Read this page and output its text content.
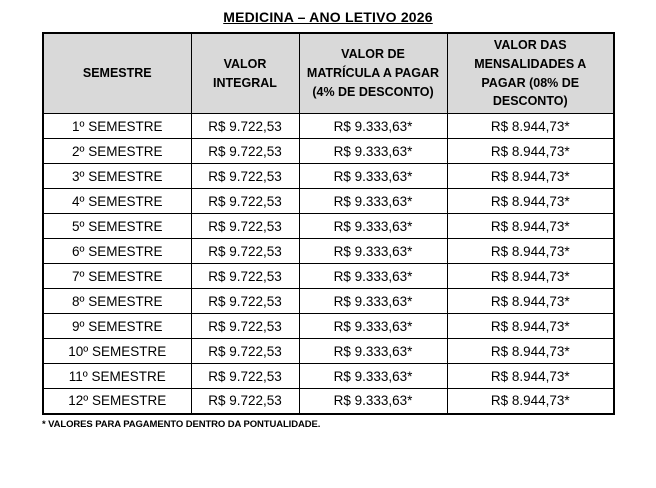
MEDICINA – ANO LETIVO 2026
SEMESTRE	VALOR INTEGRAL	VALOR DE MATRÍCULA A PAGAR (4% DE DESCONTO)	VALOR DAS MENSALIDADES A PAGAR (08% DE DESCONTO)
1º SEMESTRE	R$ 9.722,53	R$ 9.333,63*	R$ 8.944,73*
2º SEMESTRE	R$ 9.722,53	R$ 9.333,63*	R$ 8.944,73*
3º SEMESTRE	R$ 9.722,53	R$ 9.333,63*	R$ 8.944,73*
4º SEMESTRE	R$ 9.722,53	R$ 9.333,63*	R$ 8.944,73*
5º SEMESTRE	R$ 9.722,53	R$ 9.333,63*	R$ 8.944,73*
6º SEMESTRE	R$ 9.722,53	R$ 9.333,63*	R$ 8.944,73*
7º SEMESTRE	R$ 9.722,53	R$ 9.333,63*	R$ 8.944,73*
8º SEMESTRE	R$ 9.722,53	R$ 9.333,63*	R$ 8.944,73*
9º SEMESTRE	R$ 9.722,53	R$ 9.333,63*	R$ 8.944,73*
10º SEMESTRE	R$ 9.722,53	R$ 9.333,63*	R$ 8.944,73*
11º SEMESTRE	R$ 9.722,53	R$ 9.333,63*	R$ 8.944,73*
12º SEMESTRE	R$ 9.722,53	R$ 9.333,63*	R$ 8.944,73*
* VALORES PARA PAGAMENTO DENTRO DA PONTUALIDADE.
